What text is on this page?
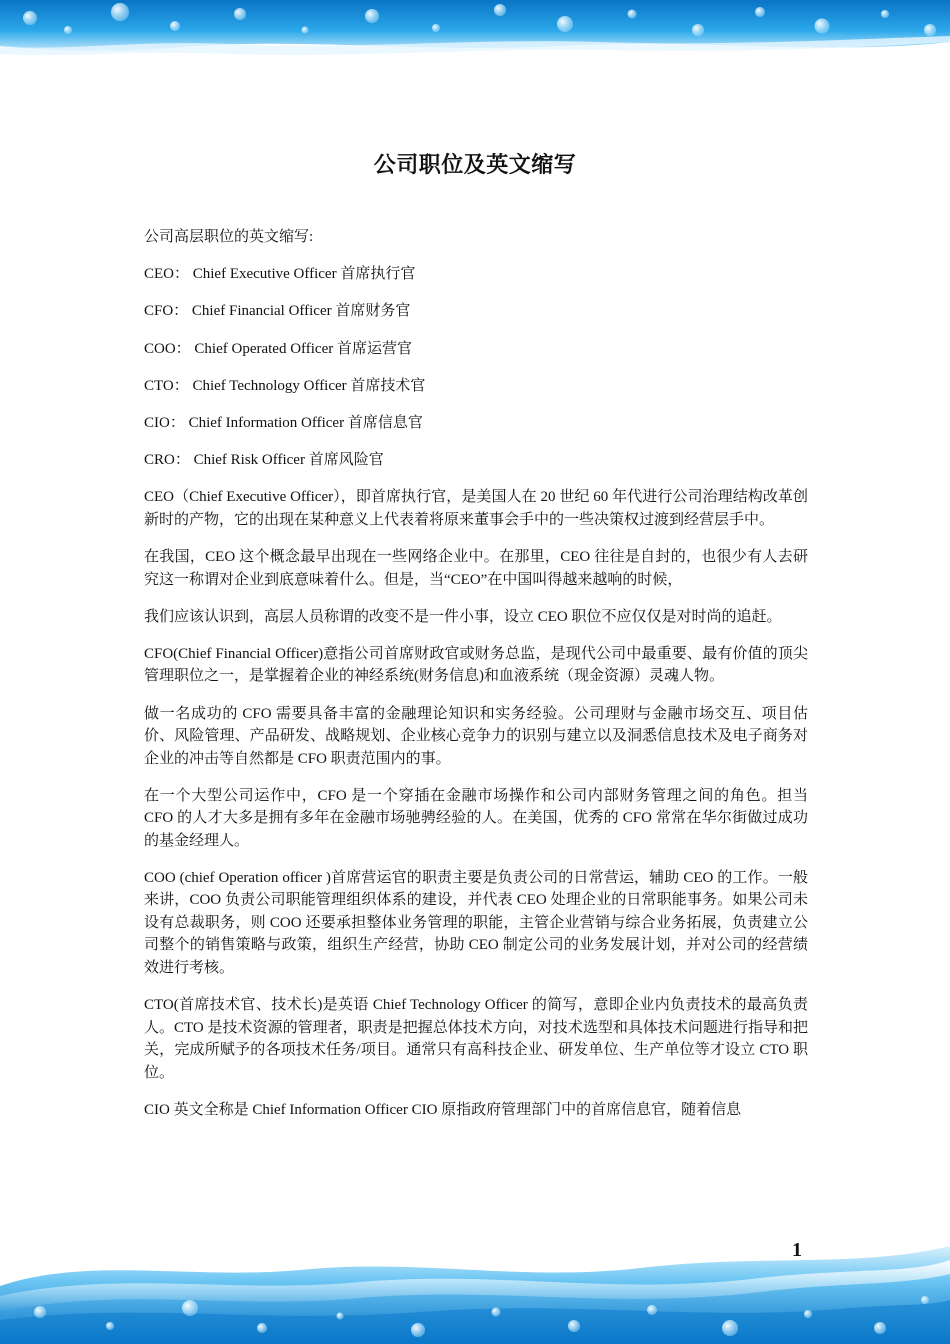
公司职位及英文缩写

公司高层职位的英文缩写:

CEO： Chief Executive Officer 首席执行官

CFO： Chief Financial Officer 首席财务官

COO： Chief Operated Officer 首席运营官

CTO： Chief Technology Officer 首席技术官

CIO： Chief Information Officer 首席信息官

CRO： Chief Risk Officer 首席风险官

CEO（Chief Executive Officer），即首席执行官，是美国人在 20 世纪 60 年代进行公司治理结构改革创新时的产物，它的出现在某种意义上代表着将原来董事会手中的一些决策权过渡到经营层手中。

在我国，CEO 这个概念最早出现在一些网络企业中。在那里，CEO 往往是自封的，也很少有人去研究这一称谓对企业到底意味着什么。但是，当“CEO”在中国叫得越来越响的时候，

我们应该认识到，高层人员称谓的改变不是一件小事，设立 CEO 职位不应仅仅是对时尚的追赶。

CFO(Chief Financial Officer)意指公司首席财政官或财务总监，是现代公司中最重要、最有价值的顶尖管理职位之一，是掌握着企业的神经系统(财务信息)和血液系统（现金资源）灵魂人物。

做一名成功的 CFO 需要具备丰富的金融理论知识和实务经验。公司理财与金融市场交互、项目估价、风险管理、产品研发、战略规划、企业核心竞争力的识别与建立以及洞悉信息技术及电子商务对企业的冲击等自然都是 CFO 职责范围内的事。

在一个大型公司运作中，CFO 是一个穿插在金融市场操作和公司内部财务管理之间的角色。担当 CFO 的人才大多是拥有多年在金融市场驰骋经验的人。在美国，优秀的 CFO 常常在华尔街做过成功的基金经理人。

COO (chief Operation officer )首席营运官的职责主要是负责公司的日常营运，辅助 CEO 的工作。一般来讲，COO 负责公司职能管理组织体系的建设，并代表 CEO 处理企业的日常职能事务。如果公司未设有总裁职务，则 COO 还要承担整体业务管理的职能，主管企业营销与综合业务拓展，负责建立公司整个的销售策略与政策，组织生产经营，协助 CEO 制定公司的业务发展计划，并对公司的经营绩效进行考核。

CTO(首席技术官、技术长)是英语 Chief Technology Officer 的简写，意即企业内负责技术的最高负责人。CTO 是技术资源的管理者，职责是把握总体技术方向，对技术选型和具体技术问题进行指导和把关，完成所赋予的各项技术任务/项目。通常只有高科技企业、研发单位、生产单位等才设立 CTO 职位。

CIO 英文全称是 Chief Information Officer CIO 原指政府管理部门中的首席信息官，随着信息

1
